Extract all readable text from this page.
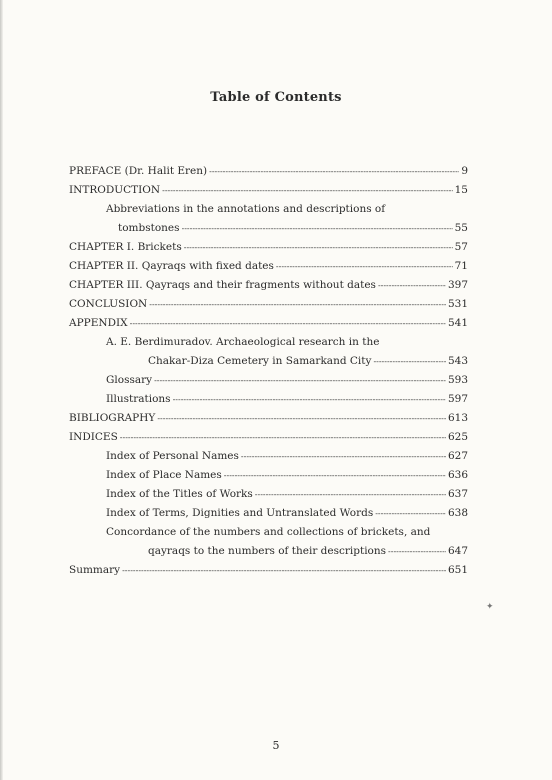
Table of Contents
PREFACE (Dr. Halit Eren) -----	9
INTRODUCTION -----	15
Abbreviations in the annotations and descriptions of
tombstones -----	55
CHAPTER I. Brickets -----	57
CHAPTER II. Qayraqs with fixed dates -----	71
CHAPTER III. Qayraqs and their fragments without dates -----	397
CONCLUSION -----	531
APPENDIX -----	541
A. E. Berdimuradov. Archaeological research in the
Chakar-Diza Cemetery in Samarkand City -----	543
Glossary -----	593
Illustrations -----	597
BIBLIOGRAPHY -----	613
INDICES -----	625
Index of Personal Names -----	627
Index of Place Names -----	636
Index of the Titles of Works -----	637
Index of Terms, Dignities and Untranslated Words -----	638
Concordance of the numbers and collections of brickets, and
qayraqs to the numbers of their descriptions -----	647
Summary -----	651
✦
5
